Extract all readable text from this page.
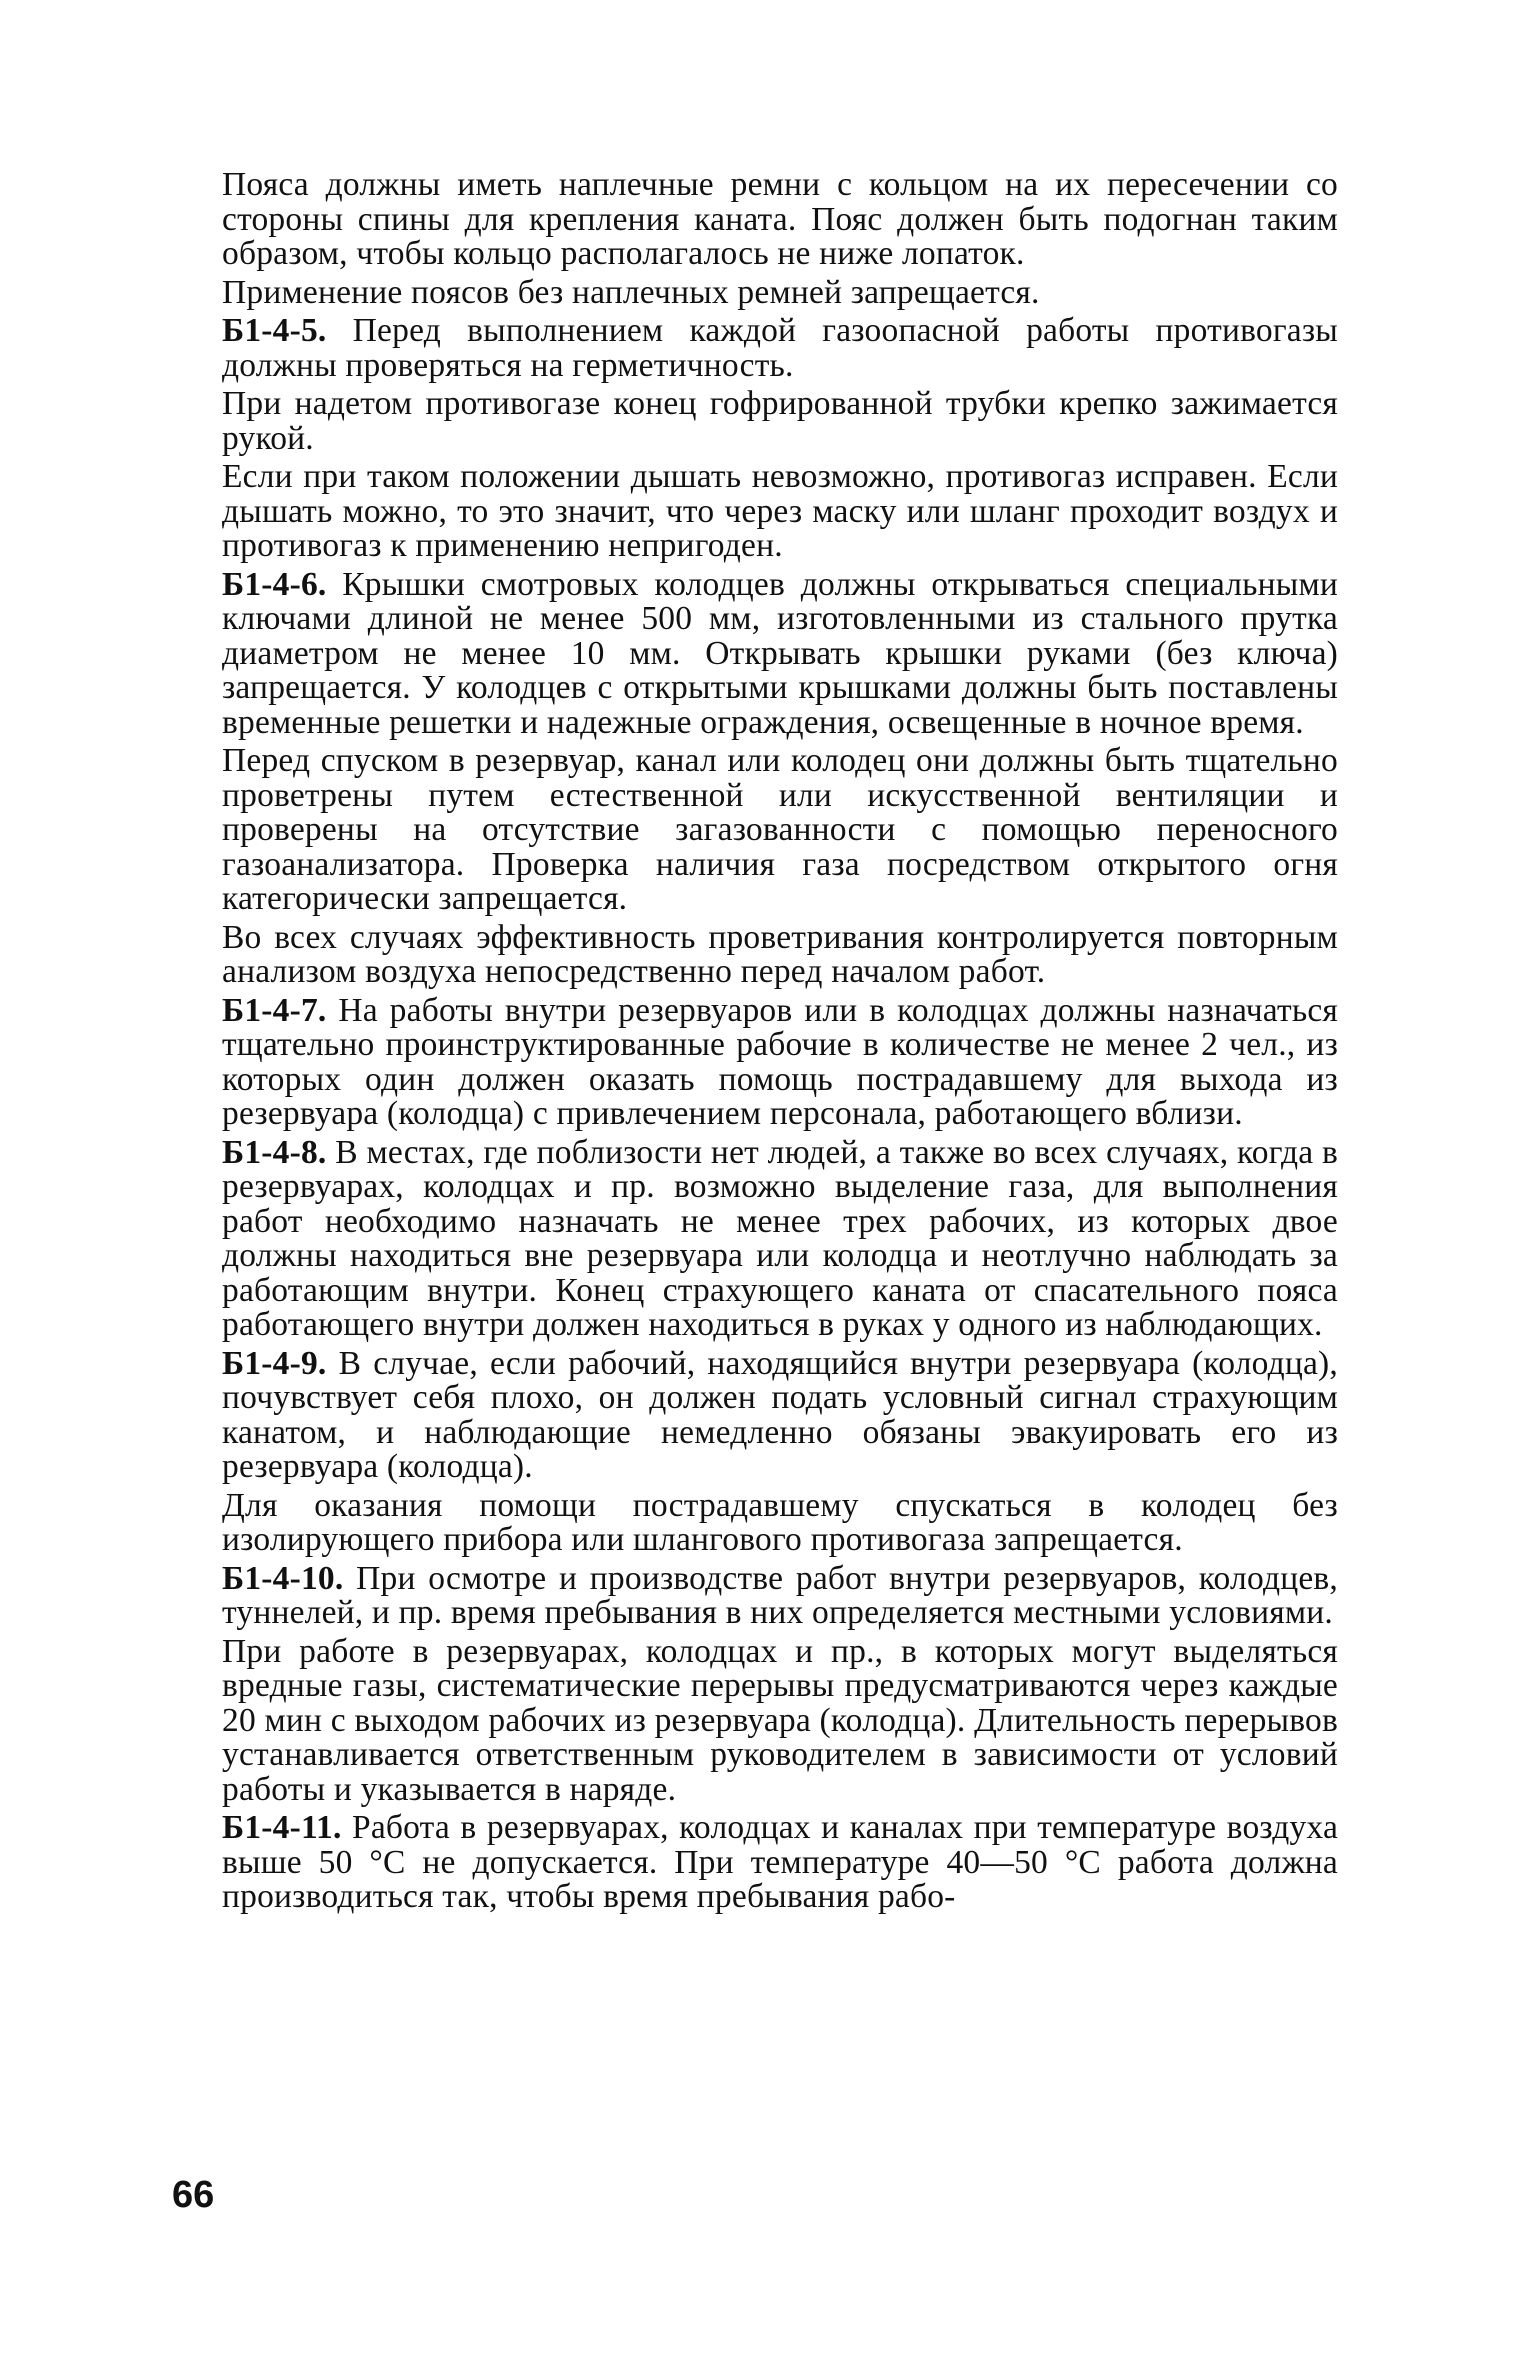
Пояса должны иметь наплечные ремни с кольцом на их пересечении со стороны спины для крепления каната. Пояс должен быть подогнан таким образом, чтобы кольцо располагалось не ниже лопаток.

Применение поясов без наплечных ремней запрещается.

Б1-4-5. Перед выполнением каждой газоопасной работы противогазы должны проверяться на герметичность.

При надетом противогазе конец гофрированной трубки крепко зажимается рукой.

Если при таком положении дышать невозможно, противогаз исправен. Если дышать можно, то это значит, что через маску или шланг проходит воздух и противогаз к применению непригоден.

Б1-4-6. Крышки смотровых колодцев должны открываться специальными ключами длиной не менее 500 мм, изготовленными из стального прутка диаметром не менее 10 мм. Открывать крышки руками (без ключа) запрещается. У колодцев с открытыми крышками должны быть поставлены временные решетки и надежные ограждения, освещенные в ночное время.

Перед спуском в резервуар, канал или колодец они должны быть тщательно проветрены путем естественной или искусственной вентиляции и проверены на отсутствие загазованности с помощью переносного газоанализатора. Проверка наличия газа посредством открытого огня категорически запрещается.

Во всех случаях эффективность проветривания контролируется повторным анализом воздуха непосредственно перед началом работ.

Б1-4-7. На работы внутри резервуаров или в колодцах должны назначаться тщательно проинструктированные рабочие в количестве не менее 2 чел., из которых один должен оказать помощь пострадавшему для выхода из резервуара (колодца) с привлечением персонала, работающего вблизи.

Б1-4-8. В местах, где поблизости нет людей, а также во всех случаях, когда в резервуарах, колодцах и пр. возможно выделение газа, для выполнения работ необходимо назначать не менее трех рабочих, из которых двое должны находиться вне резервуара или колодца и неотлучно наблюдать за работающим внутри. Конец страхующего каната от спасательного пояса работающего внутри должен находиться в руках у одного из наблюдающих.

Б1-4-9. В случае, если рабочий, находящийся внутри резервуара (колодца), почувствует себя плохо, он должен подать условный сигнал страхующим канатом, и наблюдающие немедленно обязаны эвакуировать его из резервуара (колодца).

Для оказания помощи пострадавшему спускаться в колодец без изолирующего прибора или шлангового противогаза запрещается.

Б1-4-10. При осмотре и производстве работ внутри резервуаров, колодцев, туннелей, и пр. время пребывания в них определяется местными условиями.

При работе в резервуарах, колодцах и пр., в которых могут выделяться вредные газы, систематические перерывы предусматриваются через каждые 20 мин с выходом рабочих из резервуара (колодца). Длительность перерывов устанавливается ответственным руководителем в зависимости от условий работы и указывается в наряде.

Б1-4-11. Работа в резервуарах, колодцах и каналах при температуре воздуха выше 50 °С не допускается. При температуре 40—50 °С работа должна производиться так, чтобы время пребывания рабо-

66
